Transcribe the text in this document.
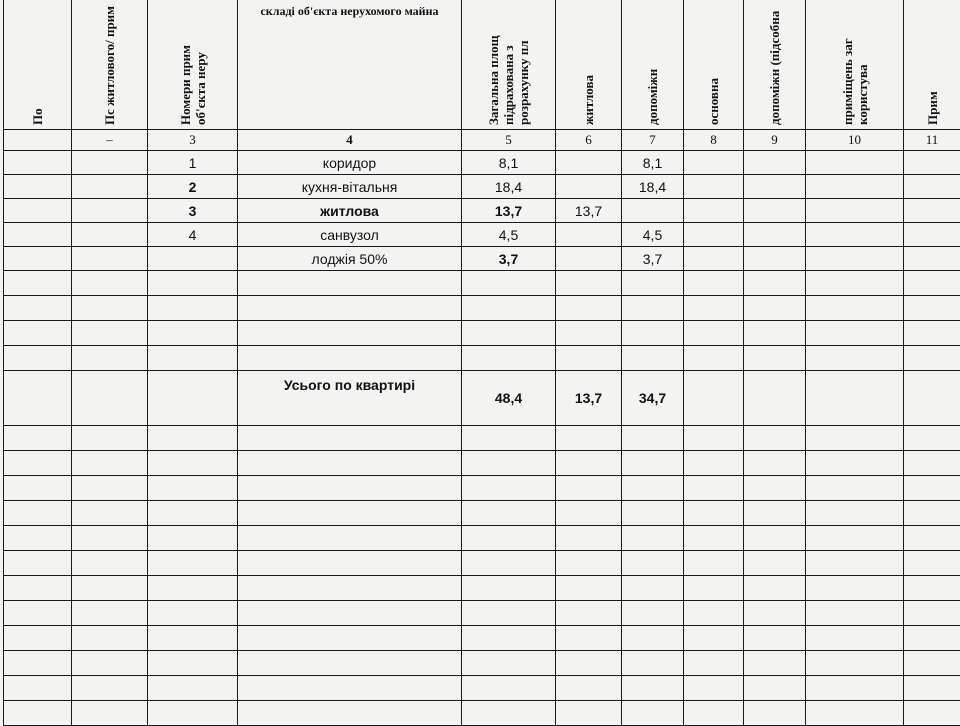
По	Пс житлового/ прим	Номери прим об'єкта неру	складі об'єкта нерухомого майна	Загальна площ підрахована з розрахунку пл	житлова	допоміжн	основна	допоміжн (підсобна	приміщень заг користува	Прим
	–	3	4	5	6	7	8	9	10	11
		1	коридор	8,1		8,1				
		2	кухня-вітальня	18,4		18,4				
		3	житлова	13,7	13,7					
		4	санвузол	4,5		4,5				
			лоджія 50%	3,7		3,7				

			Усього по квартирі	48,4	13,7	34,7				
